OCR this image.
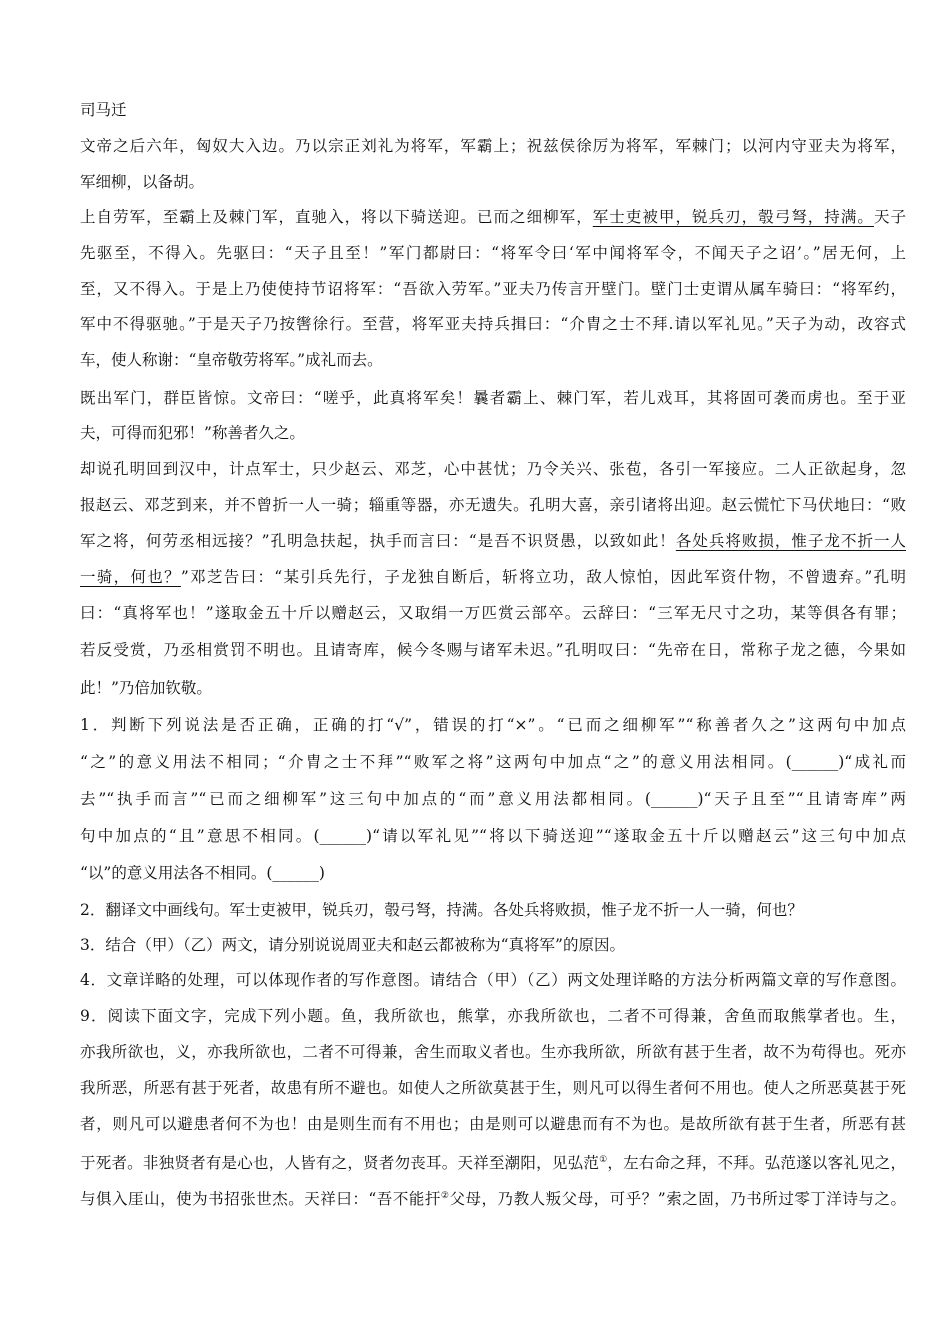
司马迁
文帝之后六年，匈奴大入边。乃以宗正刘礼为将军，军霸上；祝兹侯徐厉为将军，军棘门；以河内守亚夫为将军，
军细柳，以备胡。
上自劳军，至霸上及棘门军，直驰入，将以下骑送迎。已而之细柳军，军士吏被甲，锐兵刃，彀弓弩，持满。天子
先驱至，不得入。先驱曰：“天子且至！”军门都尉曰：“将军令曰‘军中闻将军令，不闻天子之诏’。”居无何，上
至，又不得入。于是上乃使使持节诏将军：“吾欲入劳军。”亚夫乃传言开壁门。壁门士吏谓从属车骑曰：“将军约，
军中不得驱驰。”于是天子乃按辔徐行。至营，将军亚夫持兵揖曰：“介胄之士不拜.请以军礼见。”天子为动，改容式
车，使人称谢：“皇帝敬劳将军。”成礼而去。
既出军门，群臣皆惊。文帝曰：“嗟乎，此真将军矣！曩者霸上、棘门军，若儿戏耳，其将固可袭而虏也。至于亚
夫，可得而犯邪！”称善者久之。
却说孔明回到汉中，计点军士，只少赵云、邓芝，心中甚忧；乃令关兴、张苞，各引一军接应。二人正欲起身，忽
报赵云、邓芝到来，并不曾折一人一骑；辎重等器，亦无遗失。孔明大喜，亲引诸将出迎。赵云慌忙下马伏地曰：“败
军之将，何劳丞相远接？”孔明急扶起，执手而言曰：“是吾不识贤愚，以致如此！各处兵将败损，惟子龙不折一人
一骑，何也？”邓芝告曰：“某引兵先行，子龙独自断后，斩将立功，敌人惊怕，因此军资什物，不曾遗弃。”孔明
曰：“真将军也！”遂取金五十斤以赠赵云，又取绢一万匹赏云部卒。云辞曰：“三军无尺寸之功，某等俱各有罪；
若反受赏，乃丞相赏罚不明也。且请寄库，候今冬赐与诸军未迟。”孔明叹曰：“先帝在日，常称子龙之德，今果如
此！”乃倍加钦敬。
1．判断下列说法是否正确，正确的打“√”，错误的打“×”。“已而之细柳军”“称善者久之”这两句中加点
“之”的意义用法不相同；“介胄之士不拜”“败军之将”这两句中加点“之”的意义用法相同。(______)“成礼而
去”“执手而言”“已而之细柳军”这三句中加点的“而”意义用法都相同。(______)“天子且至”“且请寄库”两
句中加点的“且”意思不相同。(______)“请以军礼见”“将以下骑送迎”“遂取金五十斤以赠赵云”这三句中加点
“以”的意义用法各不相同。(______)
2．翻译文中画线句。军士吏被甲，锐兵刃，彀弓弩，持满。各处兵将败损，惟子龙不折一人一骑，何也？
3．结合（甲）（乙）两文，请分别说说周亚夫和赵云都被称为“真将军”的原因。
4．文章详略的处理，可以体现作者的写作意图。请结合（甲）（乙）两文处理详略的方法分析两篇文章的写作意图。
9．阅读下面文字，完成下列小题。鱼，我所欲也，熊掌，亦我所欲也，二者不可得兼，舍鱼而取熊掌者也。生，
亦我所欲也，义，亦我所欲也，二者不可得兼，舍生而取义者也。生亦我所欲，所欲有甚于生者，故不为苟得也。死亦
我所恶，所恶有甚于死者，故患有所不避也。如使人之所欲莫甚于生，则凡可以得生者何不用也。使人之所恶莫甚于死
者，则凡可以避患者何不为也！由是则生而有不用也；由是则可以避患而有不为也。是故所欲有甚于生者，所恶有甚
于死者。非独贤者有是心也，人皆有之，贤者勿丧耳。天祥至潮阳，见弘范①，左右命之拜，不拜。弘范遂以客礼见之，
与俱入厓山，使为书招张世杰。天祥曰：“吾不能扞②父母，乃教人叛父母，可乎？”索之固，乃书所过零丁洋诗与之。
